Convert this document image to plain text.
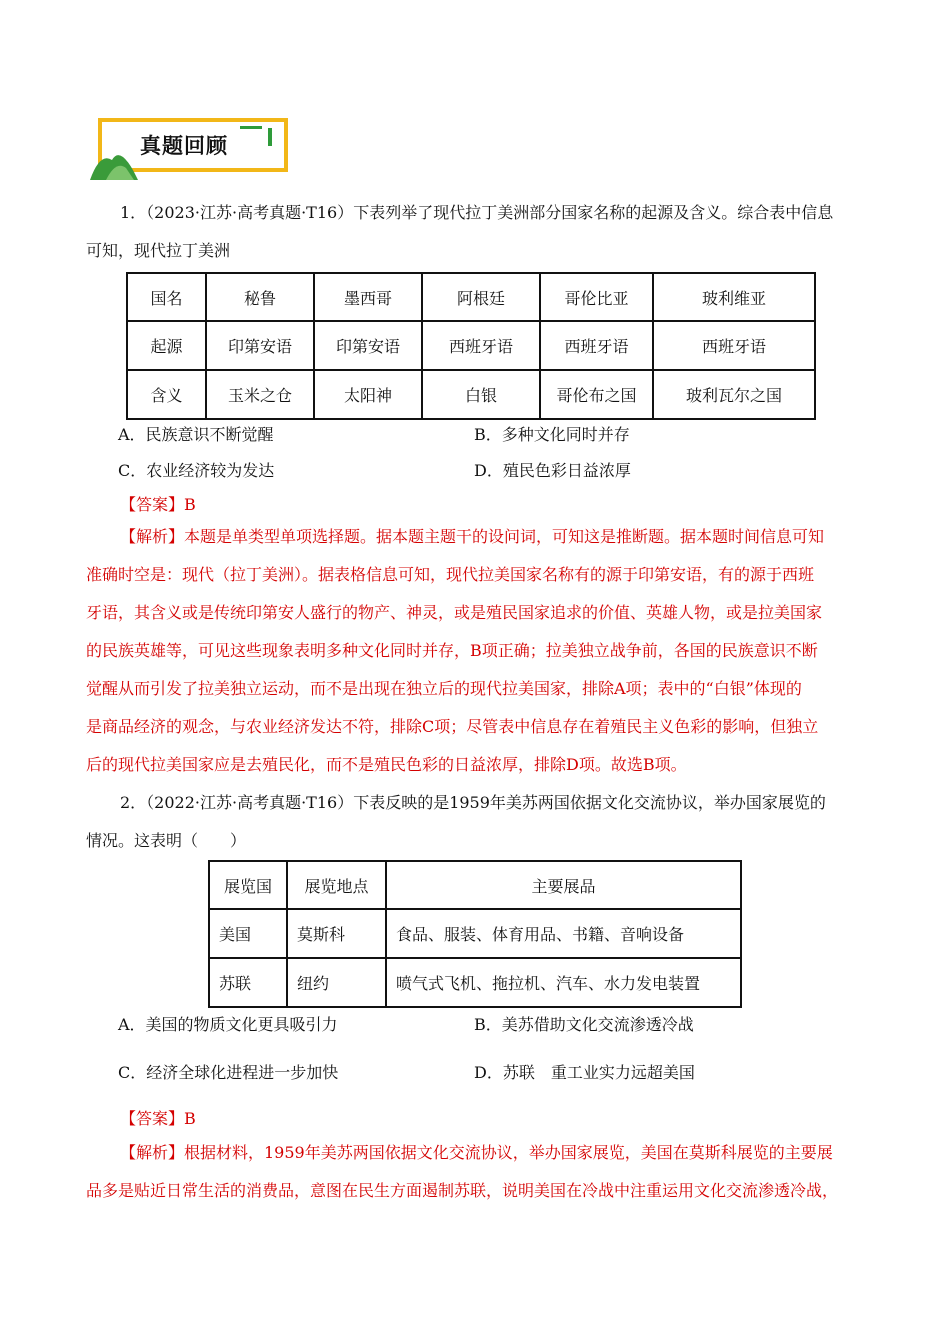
真题回顾
1．（2023·江苏·高考真题·T16）下表列举了现代拉丁美洲部分国家名称的起源及含义。综合表中信息
可知，现代拉丁美洲
国名	秘鲁	墨西哥	阿根廷	哥伦比亚	玻利维亚
起源	印第安语	印第安语	西班牙语	西班牙语	西班牙语
含义	玉米之仓	太阳神	白银	哥伦布之国	玻利瓦尔之国
A．民族意识不断觉醒	B．多种文化同时并存
C．农业经济较为发达	D．殖民色彩日益浓厚
【答案】B
【解析】本题是单类型单项选择题。据本题主题干的设问词，可知这是推断题。据本题时间信息可知
准确时空是：现代（拉丁美洲）。据表格信息可知，现代拉美国家名称有的源于印第安语，有的源于西班
牙语，其含义或是传统印第安人盛行的物产、神灵，或是殖民国家追求的价值、英雄人物，或是拉美国家
的民族英雄等，可见这些现象表明多种文化同时并存，B项正确；拉美独立战争前，各国的民族意识不断
觉醒从而引发了拉美独立运动，而不是出现在独立后的现代拉美国家，排除A项；表中的“白银”体现的
是商品经济的观念，与农业经济发达不符，排除C项；尽管表中信息存在着殖民主义色彩的影响，但独立
后的现代拉美国家应是去殖民化，而不是殖民色彩的日益浓厚，排除D项。故选B项。
2．（2022·江苏·高考真题·T16）下表反映的是1959年美苏两国依据文化交流协议，举办国家展览的
情况。这表明（　　）
展览国	展览地点	主要展品
美国	莫斯科	食品、服装、体育用品、书籍、音响设备
苏联	纽约	喷气式飞机、拖拉机、汽车、水力发电装置
A．美国的物质文化更具吸引力	B．美苏借助文化交流渗透冷战
C．经济全球化进程进一步加快	D．苏联　重工业实力远超美国
【答案】B
【解析】根据材料，1959年美苏两国依据文化交流协议，举办国家展览，美国在莫斯科展览的主要展
品多是贴近日常生活的消费品，意图在民生方面遏制苏联，说明美国在冷战中注重运用文化交流渗透冷战，
